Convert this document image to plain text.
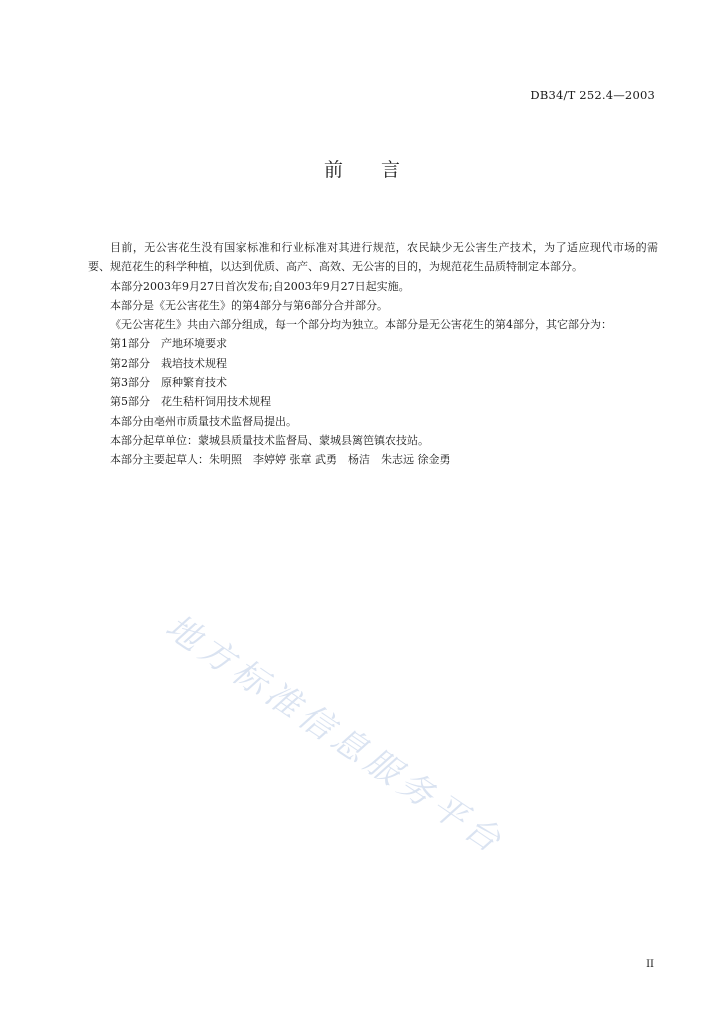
DB34/T 252.4—2003
前 言

目前，无公害花生没有国家标准和行业标准对其进行规范，农民缺少无公害生产技术，为了适应现代市场的需要、规范花生的科学种植，以达到优质、高产、高效、无公害的目的，为规范花生品质特制定本部分。

本部分2003年9月27日首次发布;自2003年9月27日起实施。

本部分是《无公害花生》的第4部分与第6部分合并部分。

《无公害花生》共由六部分组成，每一个部分均为独立。本部分是无公害花生的第4部分，其它部分为：

第1部分　产地环境要求

第2部分　栽培技术规程

第3部分　原种繁育技术

第5部分　花生秸杆饲用技术规程

本部分由亳州市质量技术监督局提出。

本部分起草单位：蒙城县质量技术监督局、蒙城县篱笆镇农技站。

本部分主要起草人：朱明照　李婷婷 张章 武勇　杨洁　朱志远 徐金勇

地方标准信息服务平台
II
